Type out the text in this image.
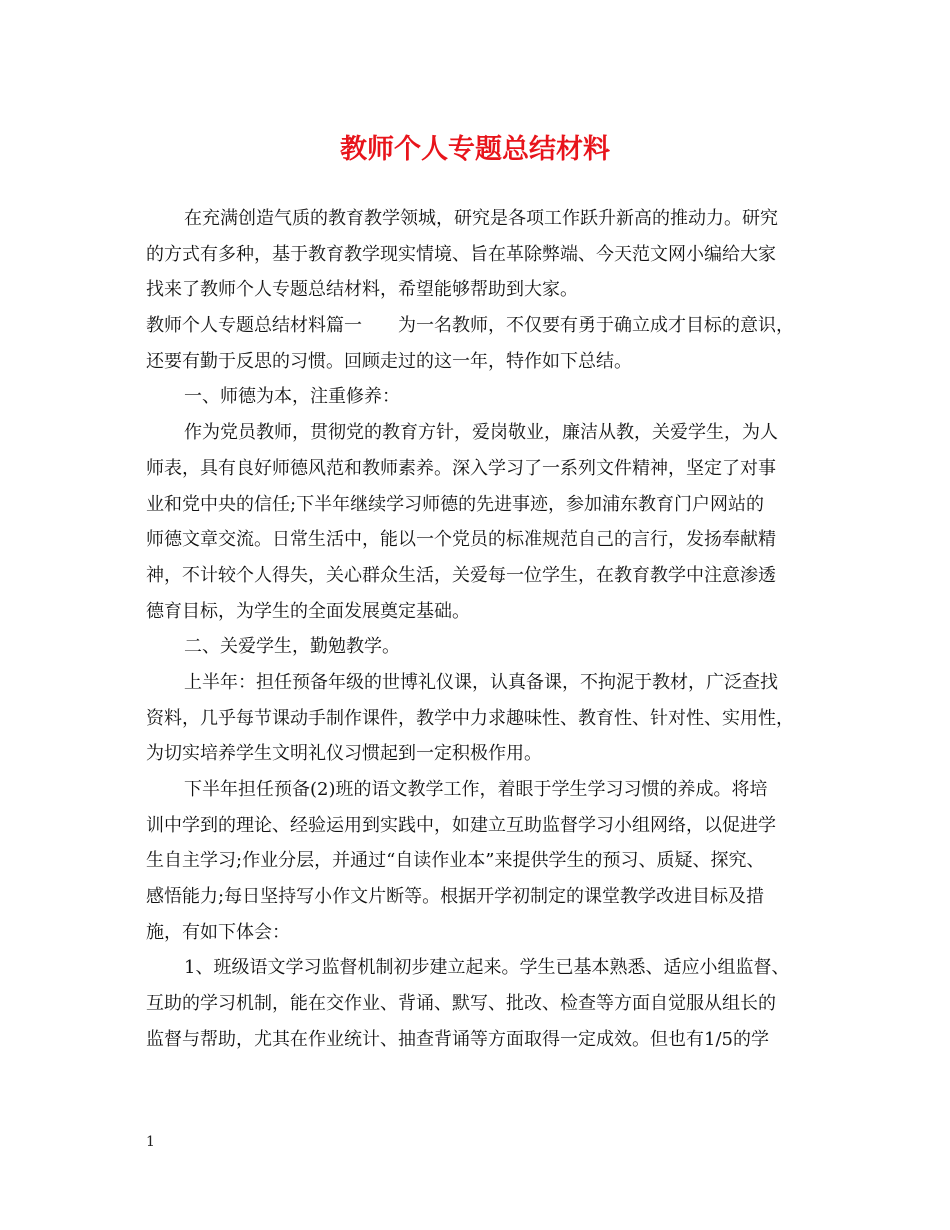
教师个人专题总结材料
在充满创造气质的教育教学领城，研究是各项工作跃升新高的推动力。研究
的方式有多种，基于教育教学现实情境、旨在革除弊端、今天范文网小编给大家
找来了教师个人专题总结材料，希望能够帮助到大家。
教师个人专题总结材料篇一 为一名教师，不仅要有勇于确立成才目标的意识，
还要有勤于反思的习惯。回顾走过的这一年，特作如下总结。
一、师德为本，注重修养：
作为党员教师，贯彻党的教育方针，爱岗敬业，廉洁从教，关爱学生，为人
师表，具有良好师德风范和教师素养。深入学习了一系列文件精神，坚定了对事
业和党中央的信任;下半年继续学习师德的先进事迹，参加浦东教育门户网站的
师德文章交流。日常生活中，能以一个党员的标准规范自己的言行，发扬奉献精
神，不计较个人得失，关心群众生活，关爱每一位学生，在教育教学中注意渗透
德育目标，为学生的全面发展奠定基础。
二、关爱学生，勤勉教学。
上半年：担任预备年级的世博礼仪课，认真备课，不拘泥于教材，广泛查找
资料，几乎每节课动手制作课件，教学中力求趣味性、教育性、针对性、实用性，
为切实培养学生文明礼仪习惯起到一定积极作用。
下半年担任预备(2)班的语文教学工作，着眼于学生学习习惯的养成。将培
训中学到的理论、经验运用到实践中，如建立互助监督学习小组网络，以促进学
生自主学习;作业分层，并通过“自读作业本”来提供学生的预习、质疑、探究、
感悟能力;每日坚持写小作文片断等。根据开学初制定的课堂教学改进目标及措
施，有如下体会：
1、班级语文学习监督机制初步建立起来。学生已基本熟悉、适应小组监督、
互助的学习机制，能在交作业、背诵、默写、批改、检查等方面自觉服从组长的
监督与帮助，尤其在作业统计、抽查背诵等方面取得一定成效。但也有1/5的学
1
